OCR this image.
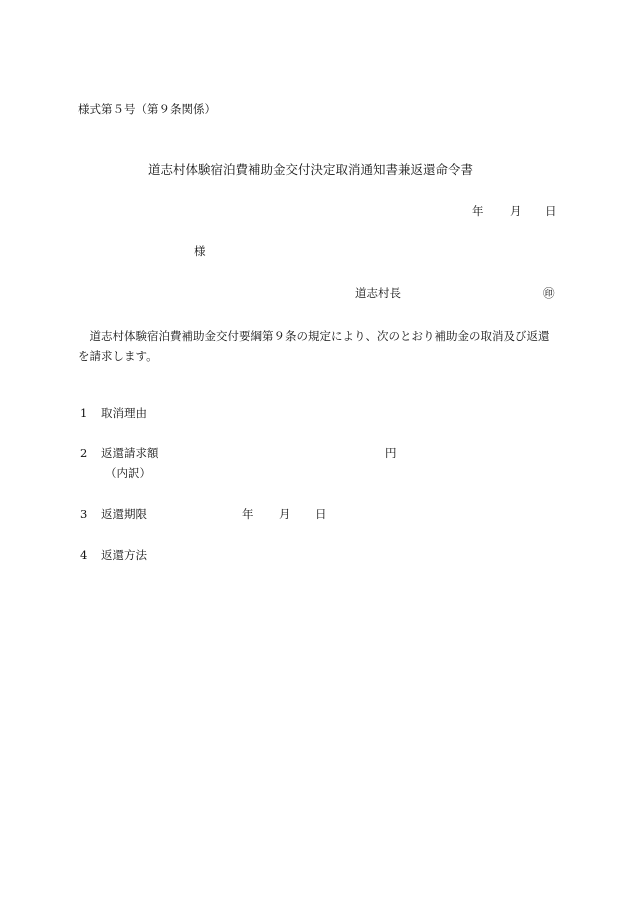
様式第５号（第９条関係）
道志村体験宿泊費補助金交付決定取消通知書兼返還命令書
年 月 日
様
道志村長	㊞
道志村体験宿泊費補助金交付要綱第９条の規定により、次のとおり補助金の取消及び返還を請求します。
1 取消理由
2 返還請求額	円
（内訳）
3 返還期限	年 月 日
4 返還方法
